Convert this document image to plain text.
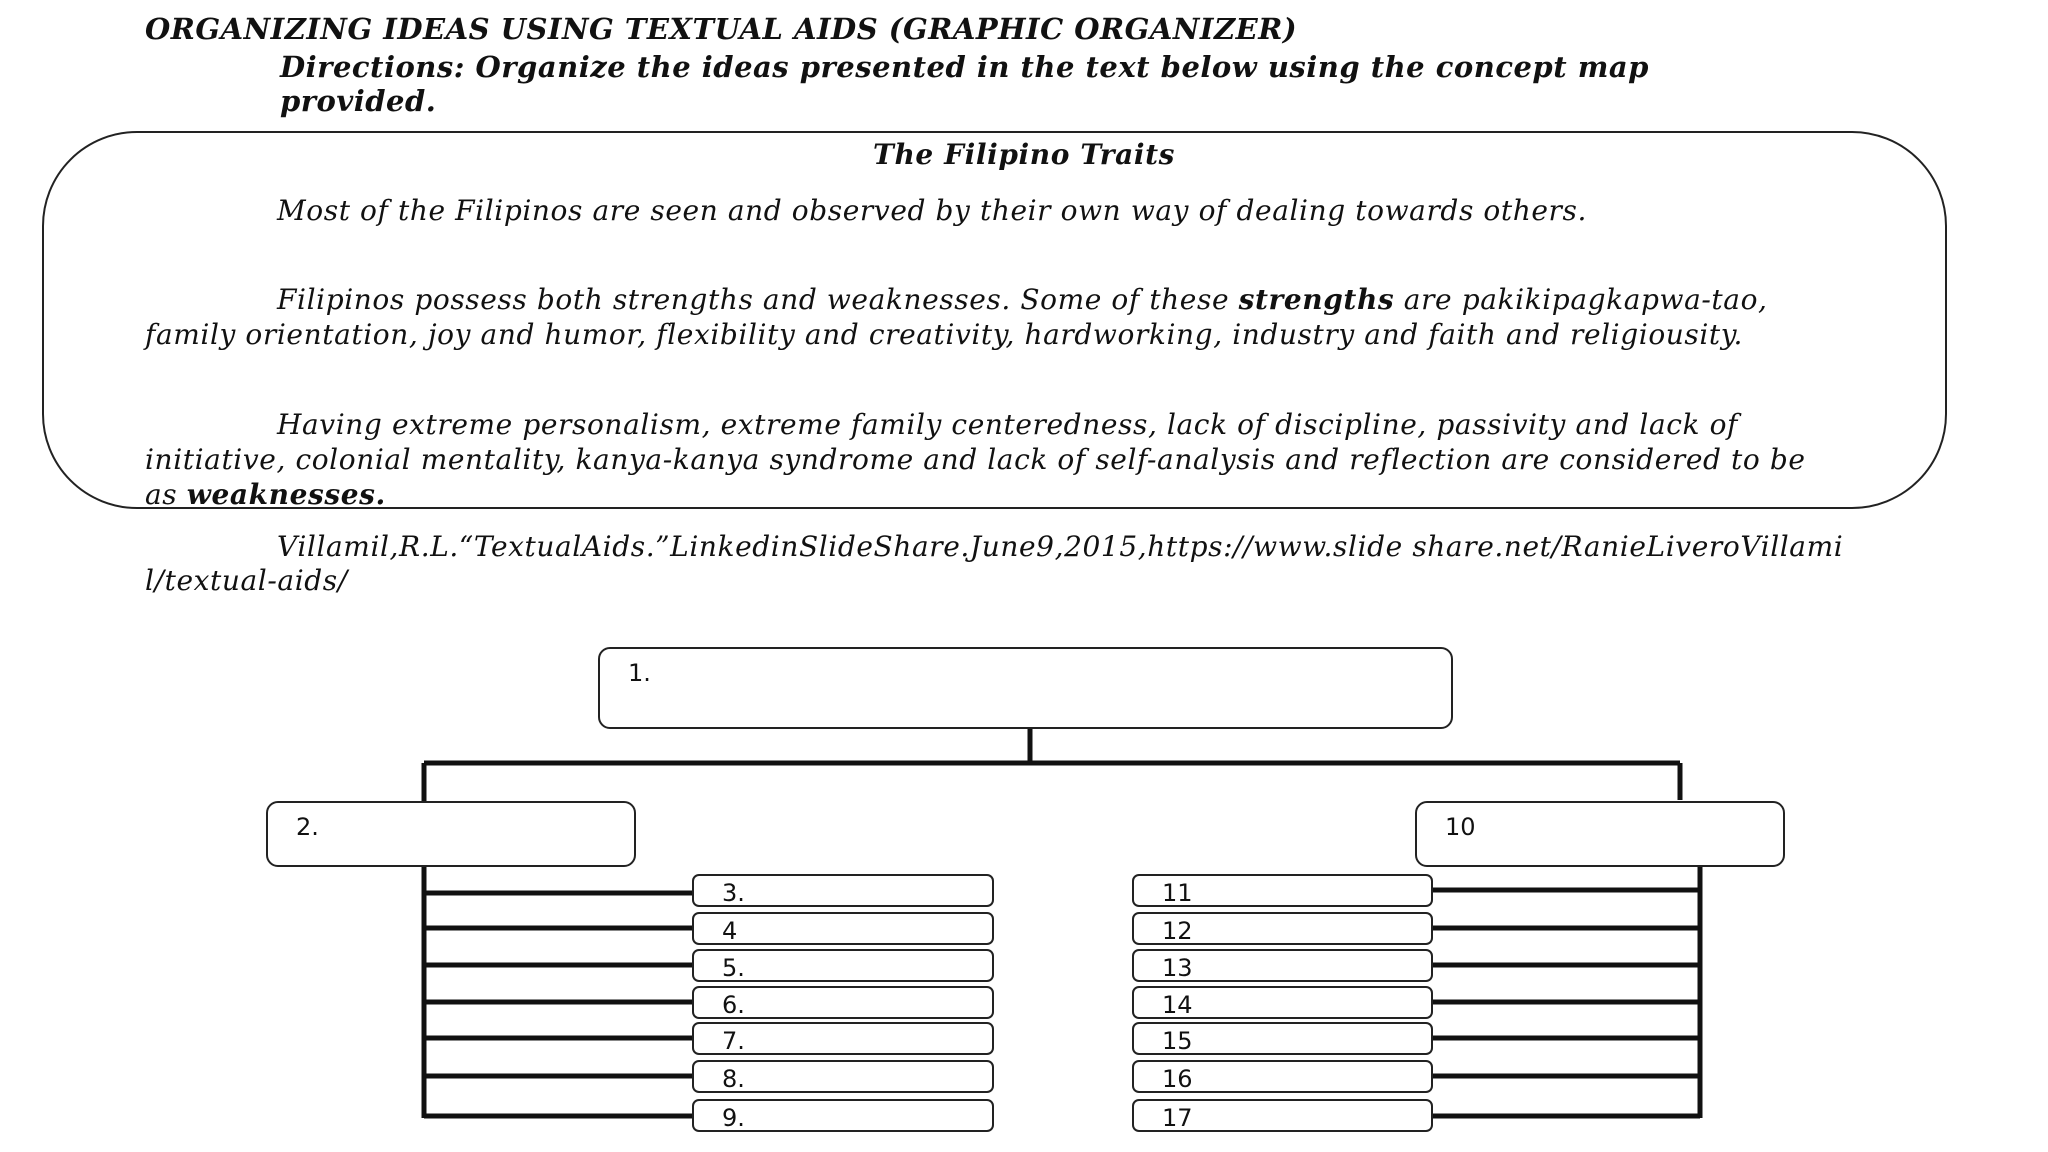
ORGANIZING IDEAS USING TEXTUAL AIDS (GRAPHIC ORGANIZER)
Directions: Organize the ideas presented in the text below using the concept map provided.
The Filipino Traits

Most of the Filipinos are seen and observed by their own way of dealing towards others.

Filipinos possess both strengths and weaknesses. Some of these strengths are pakikipagkapwa-tao, family orientation, joy and humor, flexibility and creativity, hardworking, industry and faith and religiousity.

Having extreme personalism, extreme family centeredness, lack of discipline, passivity and lack of initiative, colonial mentality, kanya-kanya syndrome and lack of self-analysis and reflection are considered to be as weaknesses.

Villamil,R.L.“TextualAids.”LinkedinSlideShare.June9,2015,https://www.slide share.net/RanieLiveroVillamil/textual-aids/

1.
2.	10
3.
4
5.
6.
7.
8.
9.
11
12
13
14
15
16
17
